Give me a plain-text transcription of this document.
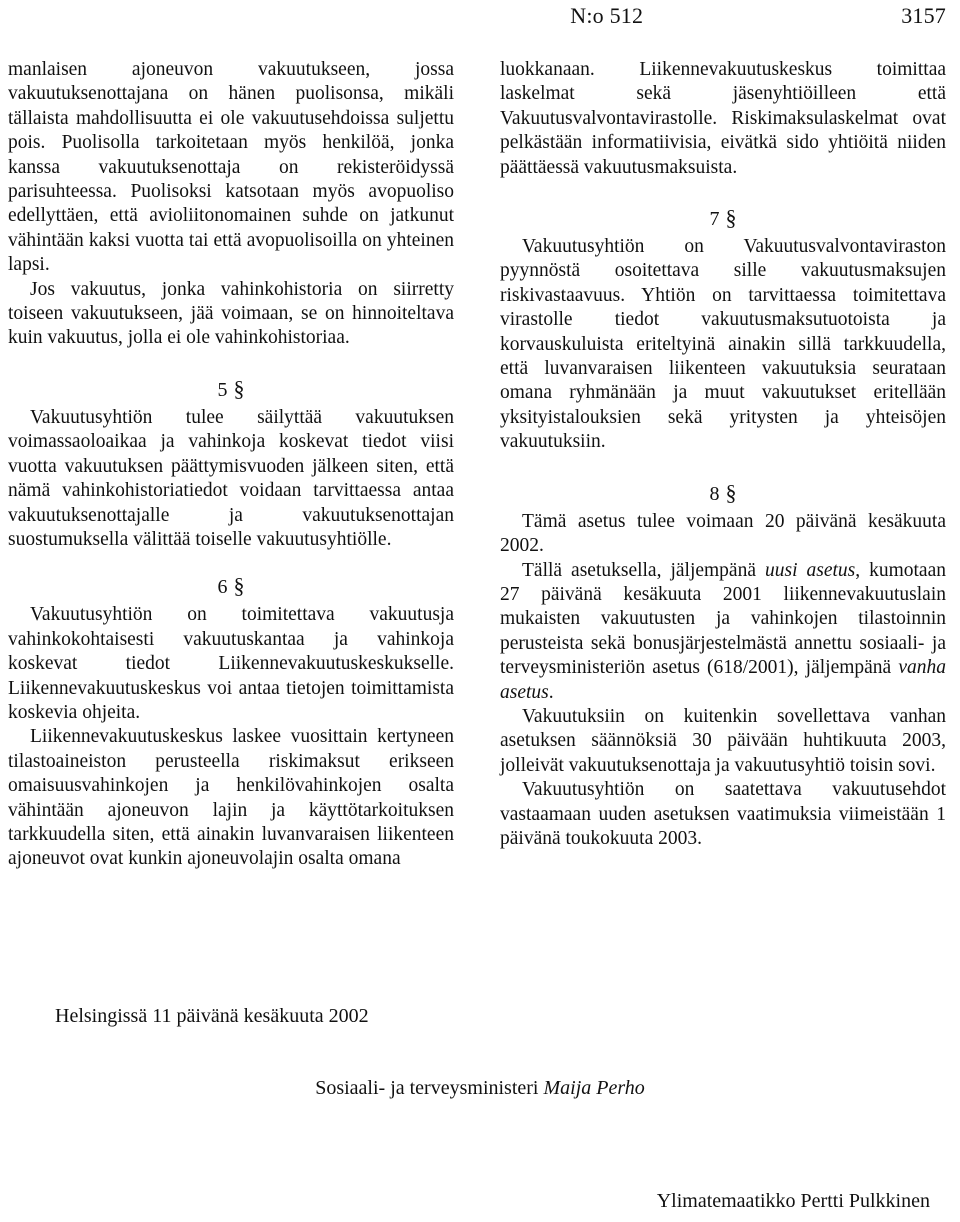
N:o 512	3157

manlaisen ajoneuvon vakuutukseen, jossa vakuutuksenottajana on hänen puolisonsa, mikäli tällaista mahdollisuutta ei ole vakuutusehdoissa suljettu pois. Puolisolla tarkoitetaan myös henkilöä, jonka kanssa vakuutuksenottaja on rekisteröidyssä parisuhteessa. Puolisoksi katsotaan myös avopuoliso edellyttäen, että avioliitonomainen suhde on jatkunut vähintään kaksi vuotta tai että avopuolisoilla on yhteinen lapsi.

Jos vakuutus, jonka vahinkohistoria on siirretty toiseen vakuutukseen, jää voimaan, se on hinnoiteltava kuin vakuutus, jolla ei ole vahinkohistoriaa.

5 §

Vakuutusyhtiön tulee säilyttää vakuutuksen voimassaoloaikaa ja vahinkoja koskevat tiedot viisi vuotta vakuutuksen päättymisvuoden jälkeen siten, että nämä vahinkohistoriatiedot voidaan tarvittaessa antaa vakuutuksenottajalle ja vakuutuksenottajan suostumuksella välittää toiselle vakuutusyhtiölle.

6 §

Vakuutusyhtiön on toimitettava vakuutusja vahinkokohtaisesti vakuutuskantaa ja vahinkoja koskevat tiedot Liikennevakuutuskeskukselle. Liikennevakuutuskeskus voi antaa tietojen toimittamista koskevia ohjeita.

Liikennevakuutuskeskus laskee vuosittain kertyneen tilastoaineiston perusteella riskimaksut erikseen omaisuusvahinkojen ja henkilövahinkojen osalta vähintään ajoneuvon lajin ja käyttötarkoituksen tarkkuudella siten, että ainakin luvanvaraisen liikenteen ajoneuvot ovat kunkin ajoneuvolajin osalta omana

luokkanaan. Liikennevakuutuskeskus toimittaa laskelmat sekä jäsenyhtiöilleen että Vakuutusvalvontavirastolle. Riskimaksulaskelmat ovat pelkästään informatiivisia, eivätkä sido yhtiöitä niiden päättäessä vakuutusmaksuista.

7 §

Vakuutusyhtiön on Vakuutusvalvontaviraston pyynnöstä osoitettava sille vakuutusmaksujen riskivastaavuus. Yhtiön on tarvittaessa toimitettava virastolle tiedot vakuutusmaksutuotoista ja korvauskuluista eriteltyinä ainakin sillä tarkkuudella, että luvanvaraisen liikenteen vakuutuksia seurataan omana ryhmänään ja muut vakuutukset eritellään yksityistalouksien sekä yritysten ja yhteisöjen vakuutuksiin.

8 §

Tämä asetus tulee voimaan 20 päivänä kesäkuuta 2002.

Tällä asetuksella, jäljempänä uusi asetus, kumotaan 27 päivänä kesäkuuta 2001 liikennevakuutuslain mukaisten vakuutusten ja vahinkojen tilastoinnin perusteista sekä bonusjärjestelmästä annettu sosiaali- ja terveysministeriön asetus (618/2001), jäljempänä vanha asetus.

Vakuutuksiin on kuitenkin sovellettava vanhan asetuksen säännöksiä 30 päivään huhtikuuta 2003, jolleivät vakuutuksenottaja ja vakuutusyhtiö toisin sovi.

Vakuutusyhtiön on saatettava vakuutusehdot vastaamaan uuden asetuksen vaatimuksia viimeistään 1 päivänä toukokuuta 2003.

Helsingissä 11 päivänä kesäkuuta 2002
Sosiaali- ja terveysministeri Maija Perho
Ylimatemaatikko Pertti Pulkkinen
